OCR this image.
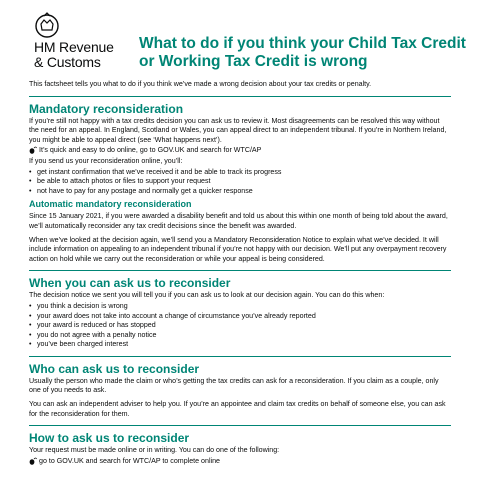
HM Revenue
& Customs
What to do if you think your Child Tax Credit
or Working Tax Credit is wrong

This factsheet tells you what to do if you think we’ve made a wrong decision about your tax credits or penalty.

Mandatory reconsideration

If you’re still not happy with a tax credits decision you can ask us to review it. Most disagreements can be resolved this way without the need for an appeal. In England, Scotland or Wales, you can appeal direct to an independent tribunal. If you’re in Northern Ireland, you might be able to appeal direct (see ‘What happens next’).

It’s quick and easy to do online, go to GOV.UK and search for WTC/AP

If you send us your reconsideration online, you’ll:

• get instant confirmation that we’ve received it and be able to track its progress
• be able to attach photos or files to support your request
• not have to pay for any postage and normally get a quicker response
Automatic mandatory reconsideration

Since 15 January 2021, if you were awarded a disability benefit and told us about this within one month of being told about the award, we’ll automatically reconsider any tax credit decisions since the benefit was awarded.

When we’ve looked at the decision again, we’ll send you a Mandatory Reconsideration Notice to explain what we’ve decided. It will include information on appealing to an independent tribunal if you’re not happy with our decision. We’ll put any overpayment recovery action on hold while we carry out the reconsideration or while your appeal is being considered.

When you can ask us to reconsider

The decision notice we sent you will tell you if you can ask us to look at our decision again. You can do this when:

• you think a decision is wrong
• your award does not take into account a change of circumstance you’ve already reported
• your award is reduced or has stopped
• you do not agree with a penalty notice
• you’ve been charged interest
Who can ask us to reconsider

Usually the person who made the claim or who’s getting the tax credits can ask for a reconsideration. If you claim as a couple, only one of you needs to ask.

You can ask an independent adviser to help you. If you’re an appointee and claim tax credits on behalf of someone else, you can ask for the reconsideration for them.

How to ask us to reconsider

Your request must be made online or in writing. You can do one of the following:

go to GOV.UK and search for WTC/AP to complete online
